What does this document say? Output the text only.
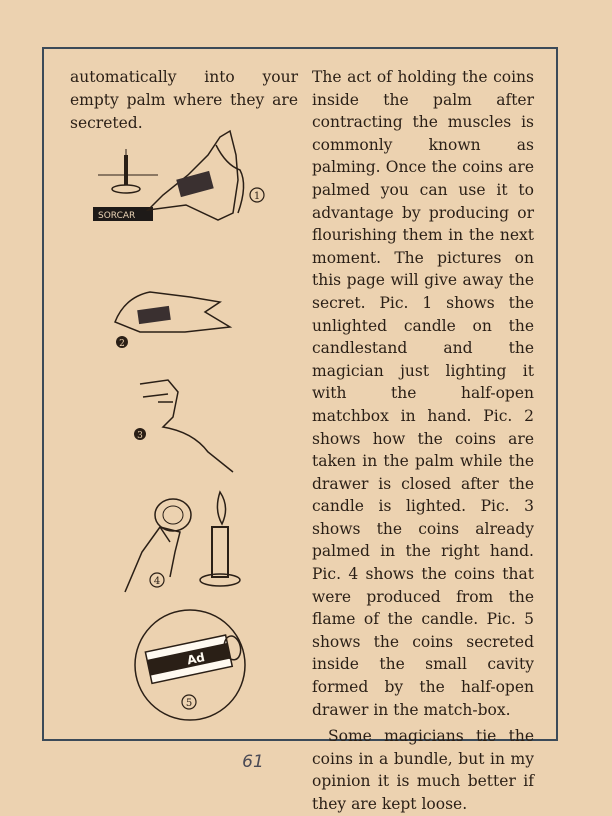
automatically into your empty palm where they are secreted.

The act of holding the coins inside the palm after contracting the muscles is commonly known as palming. Once the coins are palmed you can use it to advantage by producing or flourishing them in the next moment. The pictures on this page will give away the secret. Pic. 1 shows the unlighted candle on the candlestand and the magician just lighting it with the half-open matchbox in hand. Pic. 2 shows how the coins are taken in the palm while the drawer is closed after the candle is lighted. Pic. 3 shows the coins already palmed in the right hand. Pic. 4 shows the coins that were produced from the flame of the candle. Pic. 5 shows the coins secreted inside the small cavity formed by the half-open drawer in the match-box.

Some magicians tie the coins in a bundle, but in my opinion it is much better if they are kept loose.

SORCAR
1
2
3
4
Ad
5
61
